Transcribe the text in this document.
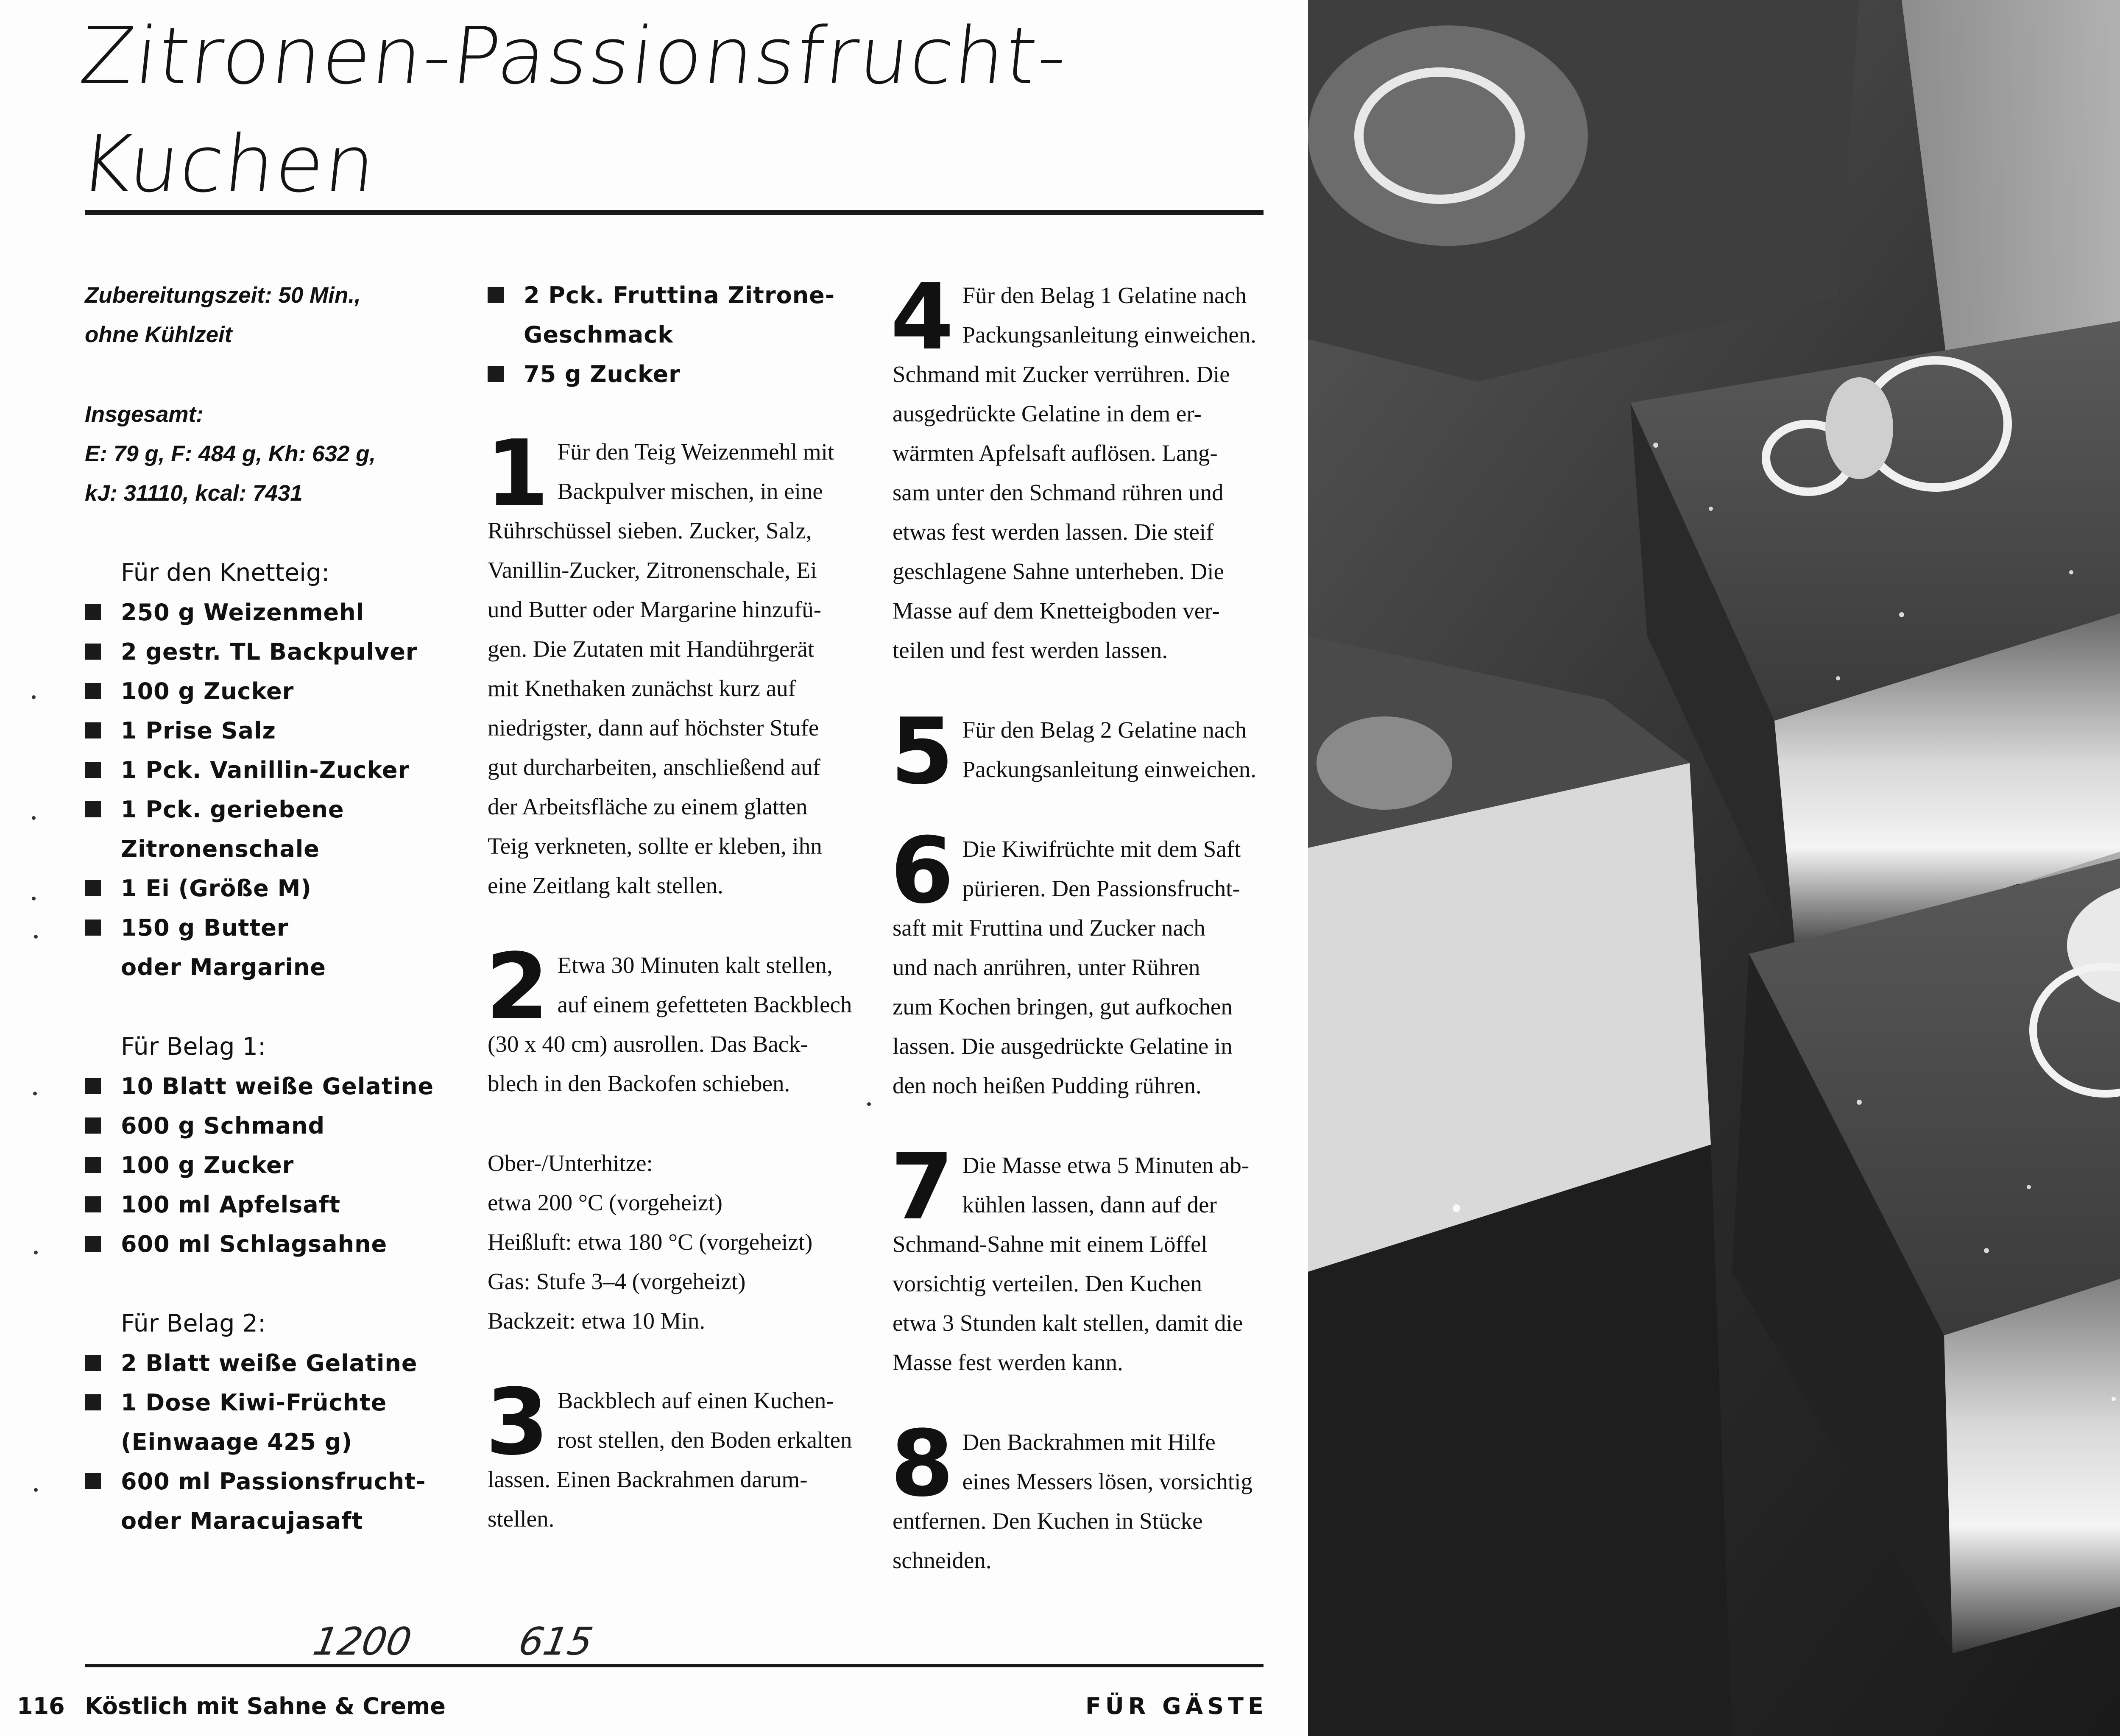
Zitronen-Passionsfrucht-
Kuchen

Zubereitungszeit: 50 Min.,

ohne Kühlzeit

Insgesamt:

E: 79 g, F: 484 g, Kh: 632 g,

kJ: 31110, kcal: 7431

Für den Knetteig:

250 g Weizenmehl
2 gestr. TL Backpulver
100 g Zucker
1 Prise Salz
1 Pck. Vanillin-Zucker
1 Pck. geriebene
Zitronenschale
1 Ei (Größe M)
150 g Butter
oder Margarine

Für Belag 1:

10 Blatt weiße Gelatine
600 g Schmand
100 g Zucker
100 ml Apfelsaft
600 ml Schlagsahne

Für Belag 2:

2 Blatt weiße Gelatine
1 Dose Kiwi-Früchte
(Einwaage 425 g)
600 ml Passionsfrucht-
oder Maracujasaft
2 Pck. Fruttina Zitrone-
Geschmack
75 g Zucker
1 Für den Teig Weizenmehl mit

Backpulver mischen, in eine

Rührschüssel sieben. Zucker, Salz,

Vanillin-Zucker, Zitronenschale, Ei

und Butter oder Margarine hinzufü-

gen. Die Zutaten mit Handührgerät

mit Knethaken zunächst kurz auf

niedrigster, dann auf höchster Stufe

gut durcharbeiten, anschließend auf

der Arbeitsfläche zu einem glatten

Teig verkneten, sollte er kleben, ihn

eine Zeitlang kalt stellen.

2 Etwa 30 Minuten kalt stellen,

auf einem gefetteten Backblech

(30 x 40 cm) ausrollen. Das Back-

blech in den Backofen schieben.

Ober-/Unterhitze:

etwa 200 °C (vorgeheizt)

Heißluft: etwa 180 °C (vorgeheizt)

Gas: Stufe 3–4 (vorgeheizt)

Backzeit: etwa 10 Min.

3 Backblech auf einen Kuchen-

rost stellen, den Boden erkalten

lassen. Einen Backrahmen darum-

stellen.

4 Für den Belag 1 Gelatine nach

Packungsanleitung einweichen.

Schmand mit Zucker verrühren. Die

ausgedrückte Gelatine in dem er-

wärmten Apfelsaft auflösen. Lang-

sam unter den Schmand rühren und

etwas fest werden lassen. Die steif

geschlagene Sahne unterheben. Die

Masse auf dem Knetteigboden ver-

teilen und fest werden lassen.

5 Für den Belag 2 Gelatine nach

Packungsanleitung einweichen.

6 Die Kiwifrüchte mit dem Saft

pürieren. Den Passionsfrucht-

saft mit Fruttina und Zucker nach

und nach anrühren, unter Rühren

zum Kochen bringen, gut aufkochen

lassen. Die ausgedrückte Gelatine in

den noch heißen Pudding rühren.

7 Die Masse etwa 5 Minuten ab-

kühlen lassen, dann auf der

Schmand-Sahne mit einem Löffel

vorsichtig verteilen. Den Kuchen

etwa 3 Stunden kalt stellen, damit die

Masse fest werden kann.

8 Den Backrahmen mit Hilfe

eines Messers lösen, vorsichtig

entfernen. Den Kuchen in Stücke

schneiden.

1200	615
116 Köstlich mit Sahne & Creme	FÜR GÄSTE
